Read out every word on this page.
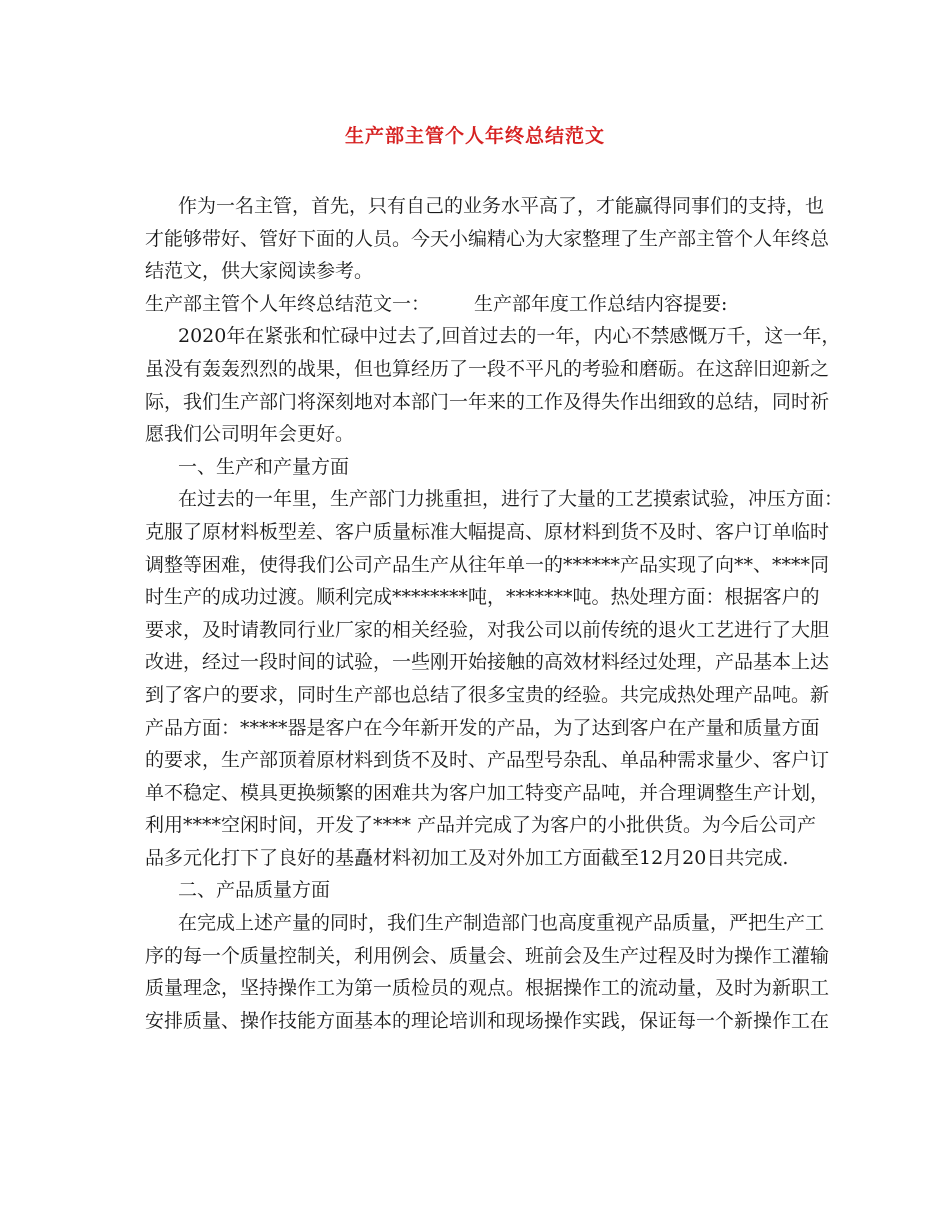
生产部主管个人年终总结范文
作为一名主管，首先，只有自己的业务水平高了，才能赢得同事们的支持，也
才能够带好、管好下面的人员。今天小编精心为大家整理了生产部主管个人年终总
结范文，供大家阅读参考。
生产部主管个人年终总结范文一： 生产部年度工作总结内容提要:
2020年在紧张和忙碌中过去了,回首过去的一年，内心不禁感慨万千，这一年，
虽没有轰轰烈烈的战果，但也算经历了一段不平凡的考验和磨砺。在这辞旧迎新之
际，我们生产部门将深刻地对本部门一年来的工作及得失作出细致的总结，同时祈
愿我们公司明年会更好。
一、生产和产量方面
在过去的一年里，生产部门力挑重担，进行了大量的工艺摸索试验，冲压方面：
克服了原材料板型差、客户质量标准大幅提高、原材料到货不及时、客户订单临时
调整等困难，使得我们公司产品生产从往年单一的******产品实现了向**、****同
时生产的成功过渡。顺利完成********吨，*******吨。热处理方面：根据客户的
要求，及时请教同行业厂家的相关经验，对我公司以前传统的退火工艺进行了大胆
改进，经过一段时间的试验，一些刚开始接触的高效材料经过处理，产品基本上达
到了客户的要求，同时生产部也总结了很多宝贵的经验。共完成热处理产品吨。新
产品方面：*****器是客户在今年新开发的产品，为了达到客户在产量和质量方面
的要求，生产部顶着原材料到货不及时、产品型号杂乱、单品种需求量少、客户订
单不稳定、模具更换频繁的困难共为客户加工特变产品吨，并合理调整生产计划，
利用****空闲时间，开发了**** 产品并完成了为客户的小批供货。为今后公司产
品多元化打下了良好的基矗材料初加工及对外加工方面截至12月20日共完成.
二、产品质量方面
在完成上述产量的同时，我们生产制造部门也高度重视产品质量，严把生产工
序的每一个质量控制关，利用例会、质量会、班前会及生产过程及时为操作工灌输
质量理念，坚持操作工为第一质检员的观点。根据操作工的流动量，及时为新职工
安排质量、操作技能方面基本的理论培训和现场操作实践，保证每一个新操作工在
